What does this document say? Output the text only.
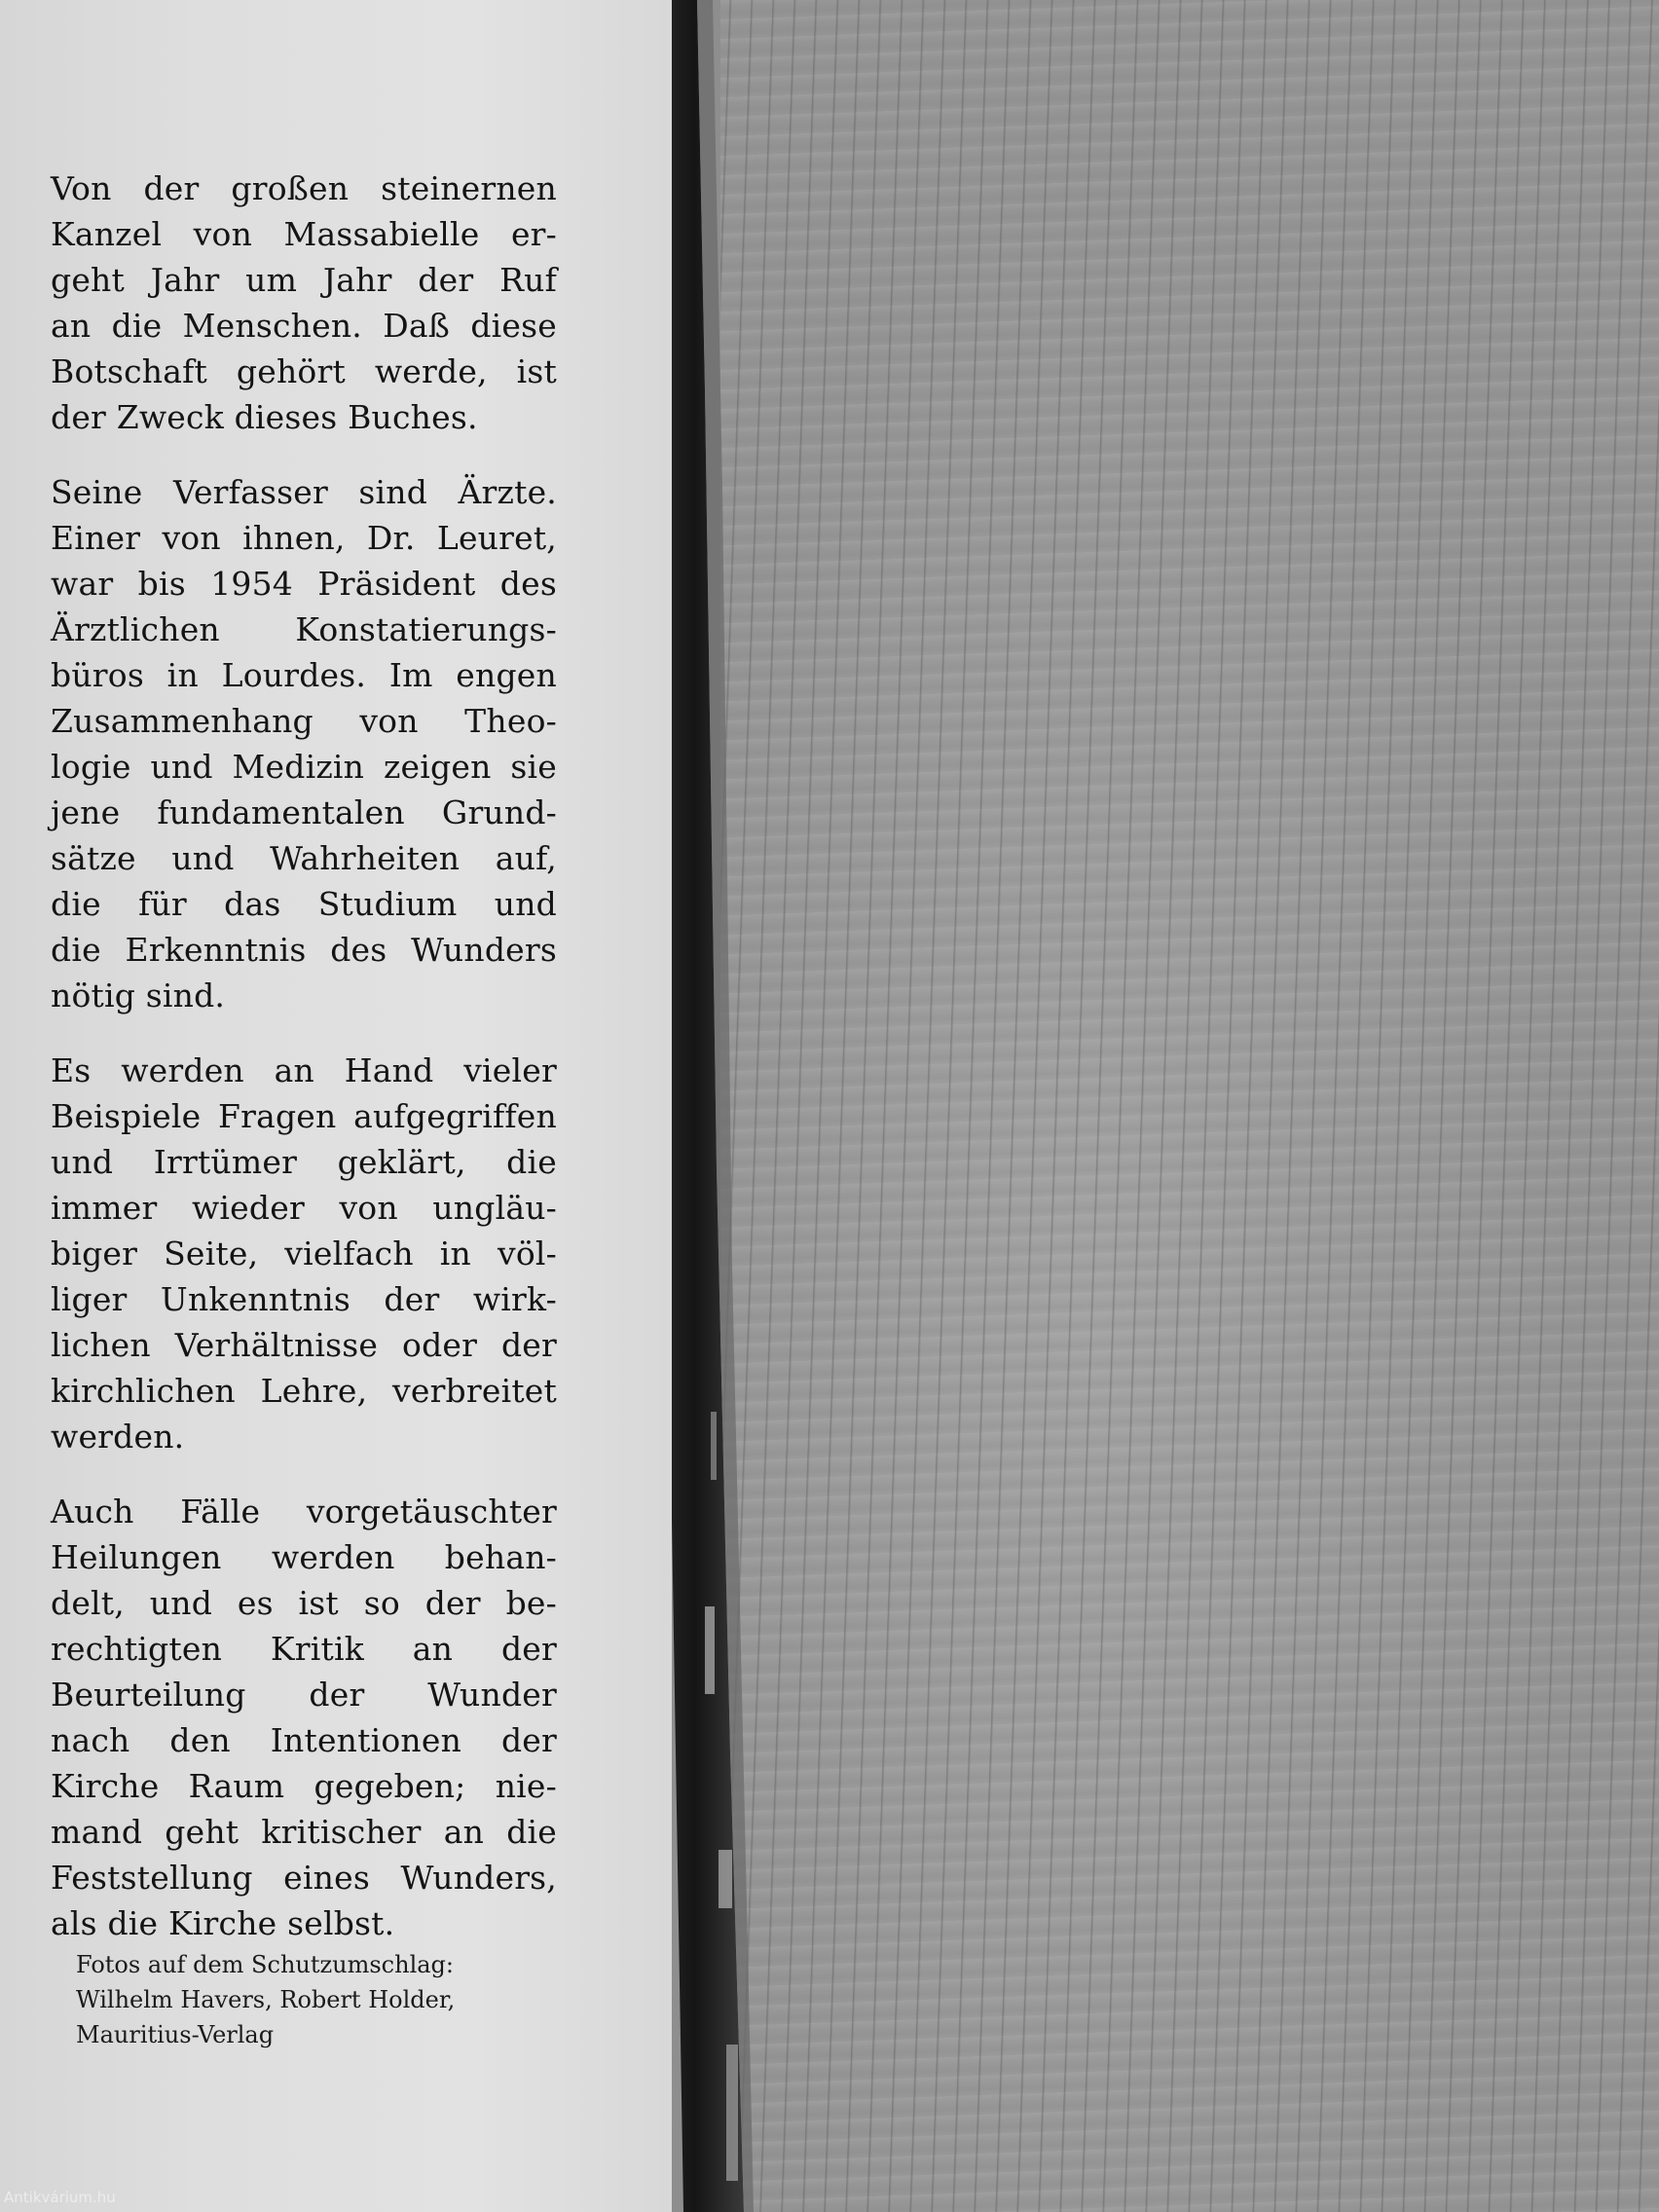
Von der großen steinernen
Kanzel von Massabielle er-
geht Jahr um Jahr der Ruf
an die Menschen. Daß diese
Botschaft gehört werde, ist
der Zweck dieses Buches.

Seine Verfasser sind Ärzte.
Einer von ihnen, Dr. Leuret,
war bis 1954 Präsident des
Ärztlichen Konstatierungs-
büros in Lourdes. Im engen
Zusammenhang von Theo-
logie und Medizin zeigen sie
jene fundamentalen Grund-
sätze und Wahrheiten auf,
die für das Studium und
die Erkenntnis des Wunders
nötig sind.

Es werden an Hand vieler
Beispiele Fragen aufgegriffen
und Irrtümer geklärt, die
immer wieder von ungläu-
biger Seite, vielfach in völ-
liger Unkenntnis der wirk-
lichen Verhältnisse oder der
kirchlichen Lehre, verbreitet
werden.

Auch Fälle vorgetäuschter
Heilungen werden behan-
delt, und es ist so der be-
rechtigten Kritik an der
Beurteilung der Wunder
nach den Intentionen der
Kirche Raum gegeben; nie-
mand geht kritischer an die
Feststellung eines Wunders,
als die Kirche selbst.

Fotos auf dem Schutzumschlag:
Wilhelm Havers, Robert Holder,
Mauritius-Verlag
Antikvárium.hu
